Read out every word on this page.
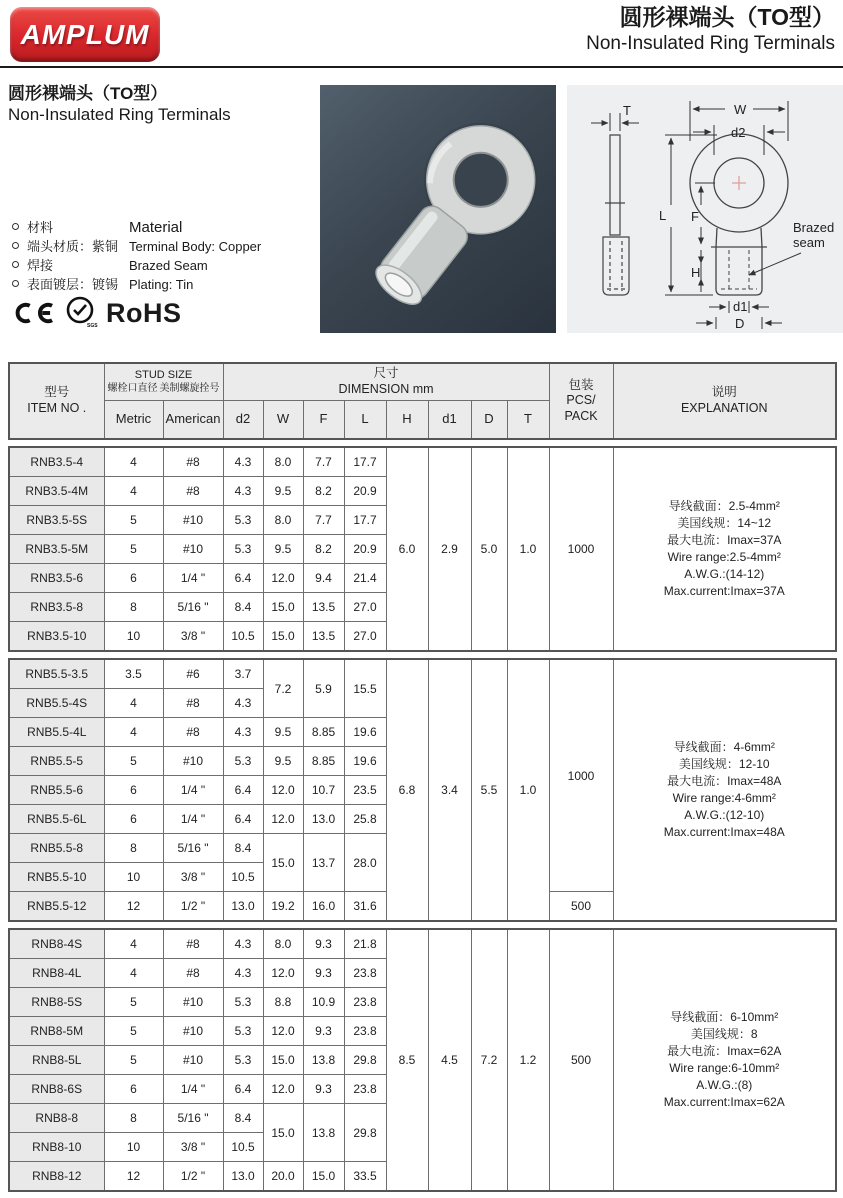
AMPLUM
圆形裸端头（TO型）
Non-Insulated Ring Terminals
圆形裸端头（TO型）
Non-Insulated Ring Terminals
材料	Material
端头材质：紫铜 Terminal Body: Copper
焊接	Brazed Seam
表面镀层：镀锡 Plating: Tin
SGS RoHS
T	W
d2
L F
H
d1
D
Brazed
seam
型号
ITEM NO .

STUD SIZE
螺栓口直径 美制螺旋拴号

尺寸
DIMENSION mm	包装
PCS/
PACK

说明
EXPLANATION

	Metric	American	d2	W	F	L	H	d1	D	T		
RNB3.5-4	4	#8	4.3	8.0	7.7	17.7	6.0	2.9	5.0	1.0	1000	
导线截面：2.5-4mm²
美国线规：14~12
最大电流：Imax=37A
Wire range:2.5-4mm²
A.W.G.:(14-12)
Max.current:Imax=37A

RNB3.5-4M	4	#8	4.3	9.5	8.2	20.9						
RNB3.5-5S	5	#10	5.3	8.0	7.7	17.7						
RNB3.5-5M	5	#10	5.3	9.5	8.2	20.9						
RNB3.5-6	6	1/4 "	6.4	12.0	9.4	21.4						
RNB3.5-8	8	5/16 "	8.4	15.0	13.5	27.0						
RNB3.5-10	10	3/8 "	10.5	15.0	13.5	27.0						
RNB5.5-3.5	3.5	#6	3.7	7.2	5.9	15.5	6.8	3.4	5.5	1.0	1000	
导线截面：4-6mm²
美国线规：12-10
最大电流：Imax=48A
Wire range:4-6mm²
A.W.G.:(12-10)
Max.current:Imax=48A

RNB5.5-4S	4	#8	4.3									
RNB5.5-4L	4	#8	4.3	9.5	8.85	19.6						
RNB5.5-5	5	#10	5.3	9.5	8.85	19.6						
RNB5.5-6	6	1/4 "	6.4	12.0	10.7	23.5						
RNB5.5-6L	6	1/4 "	6.4	12.0	13.0	25.8						
RNB5.5-8	8	5/16 "	8.4	15.0	13.7	28.0						
RNB5.5-10	10	3/8 "	10.5									
RNB5.5-12	12	1/2 "	13.0	19.2	16.0	31.6					500	
RNB8-4S	4	#8	4.3	8.0	9.3	21.8	8.5	4.5	7.2	1.2	500	
导线截面：6-10mm²
美国线规：8
最大电流：Imax=62A
Wire range:6-10mm²
A.W.G.:(8)
Max.current:Imax=62A

RNB8-4L	4	#8	4.3	12.0	9.3	23.8						
RNB8-5S	5	#10	5.3	8.8	10.9	23.8						
RNB8-5M	5	#10	5.3	12.0	9.3	23.8						
RNB8-5L	5	#10	5.3	15.0	13.8	29.8						
RNB8-6S	6	1/4 "	6.4	12.0	9.3	23.8						
RNB8-8	8	5/16 "	8.4	15.0	13.8	29.8						
RNB8-10	10	3/8 "	10.5									
RNB8-12	12	1/2 "	13.0	20.0	15.0	33.5						
